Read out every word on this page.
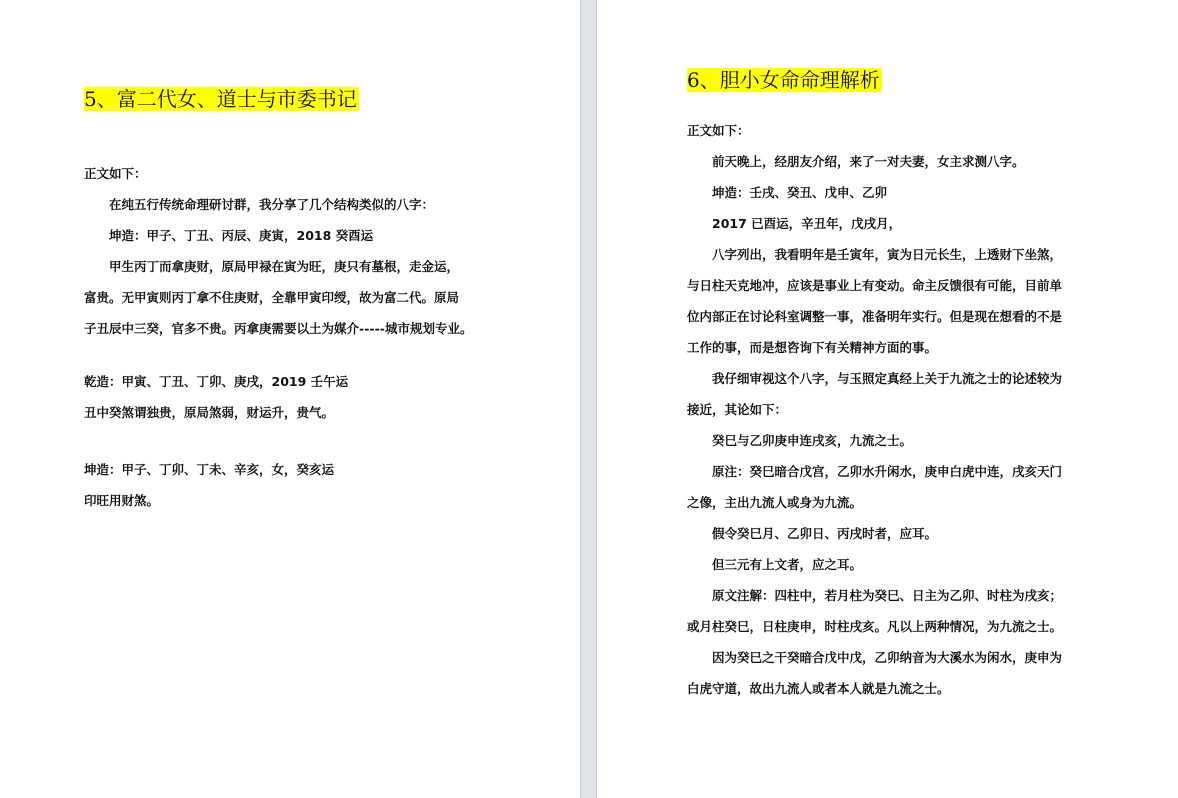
5、富二代女、道士与市委书记

正文如下：

在纯五行传统命理研讨群，我分享了几个结构类似的八字：

坤造：甲子、丁丑、丙辰、庚寅，2018 癸酉运

甲生丙丁而拿庚财，原局甲禄在寅为旺，庚只有墓根，走金运，

富贵。无甲寅则丙丁拿不住庚财，全靠甲寅印绶，故为富二代。原局

子丑辰中三癸，官多不贵。丙拿庚需要以土为媒介-----城市规划专业。

乾造：甲寅、丁丑、丁卯、庚戌，2019 壬午运

丑中癸煞谓独贵，原局煞弱，财运升，贵气。

坤造：甲子、丁卯、丁未、辛亥，女，癸亥运

印旺用财煞。

6、胆小女命命理解析

正文如下：

前天晚上，经朋友介绍，来了一对夫妻，女主求测八字。

坤造：壬戌、癸丑、戊申、乙卯

2017 已酉运，辛丑年，戊戌月，

八字列出，我看明年是壬寅年，寅为日元长生，上透财下坐煞，

与日柱天克地冲，应该是事业上有变动。命主反馈很有可能，目前单

位内部正在讨论科室调整一事，准备明年实行。但是现在想看的不是

工作的事，而是想咨询下有关精神方面的事。

我仔细审视这个八字，与玉照定真经上关于九流之士的论述较为

接近，其论如下：

癸巳与乙卯庚申连戌亥，九流之士。

原注：癸巳暗合戊宫，乙卯水升闲水，庚申白虎中连，戌亥天门

之像，主出九流人或身为九流。

假令癸巳月、乙卯日、丙戌时者，应耳。

但三元有上文者，应之耳。

原文注解：四柱中，若月柱为癸巳、日主为乙卯、时柱为戌亥；

或月柱癸巳，日柱庚申，时柱戌亥。凡以上两种情况，为九流之士。

因为癸巳之干癸暗合戊中戊，乙卯纳音为大溪水为闲水，庚申为

白虎守道，故出九流人或者本人就是九流之士。
